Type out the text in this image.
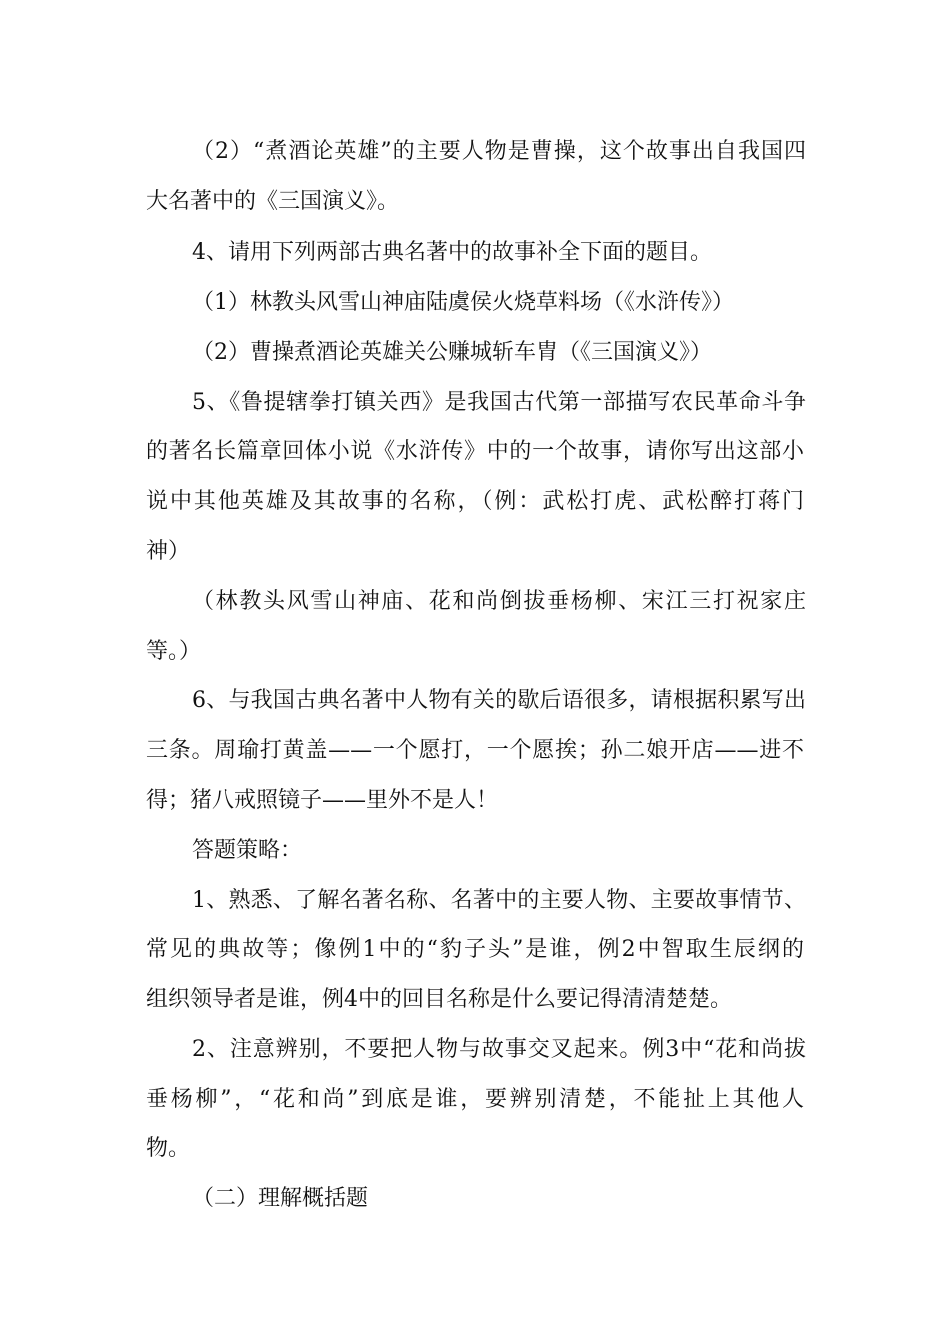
（2）“煮酒论英雄”的主要人物是曹操，这个故事出自我国四
大名著中的《三国演义》。
4、请用下列两部古典名著中的故事补全下面的题目。
（1）林教头风雪山神庙陆虞侯火烧草料场（《水浒传》）
（2）曹操煮酒论英雄关公赚城斩车胄（《三国演义》）
5、《鲁提辖拳打镇关西》是我国古代第一部描写农民革命斗争
的著名长篇章回体小说《水浒传》中的一个故事，请你写出这部小
说中其他英雄及其故事的名称，（例：武松打虎、武松醉打蒋门
神）
（林教头风雪山神庙、花和尚倒拔垂杨柳、宋江三打祝家庄
等。）
6、与我国古典名著中人物有关的歇后语很多，请根据积累写出
三条。周瑜打黄盖——一个愿打，一个愿挨；孙二娘开店——进不
得；猪八戒照镜子——里外不是人！
答题策略：
1、熟悉、了解名著名称、名著中的主要人物、主要故事情节、
常见的典故等；像例1中的“豹子头”是谁，例2中智取生辰纲的
组织领导者是谁，例4中的回目名称是什么要记得清清楚楚。
2、注意辨别，不要把人物与故事交叉起来。例3中“花和尚拔
垂杨柳”，“花和尚”到底是谁，要辨别清楚，不能扯上其他人
物。
（二）理解概括题
